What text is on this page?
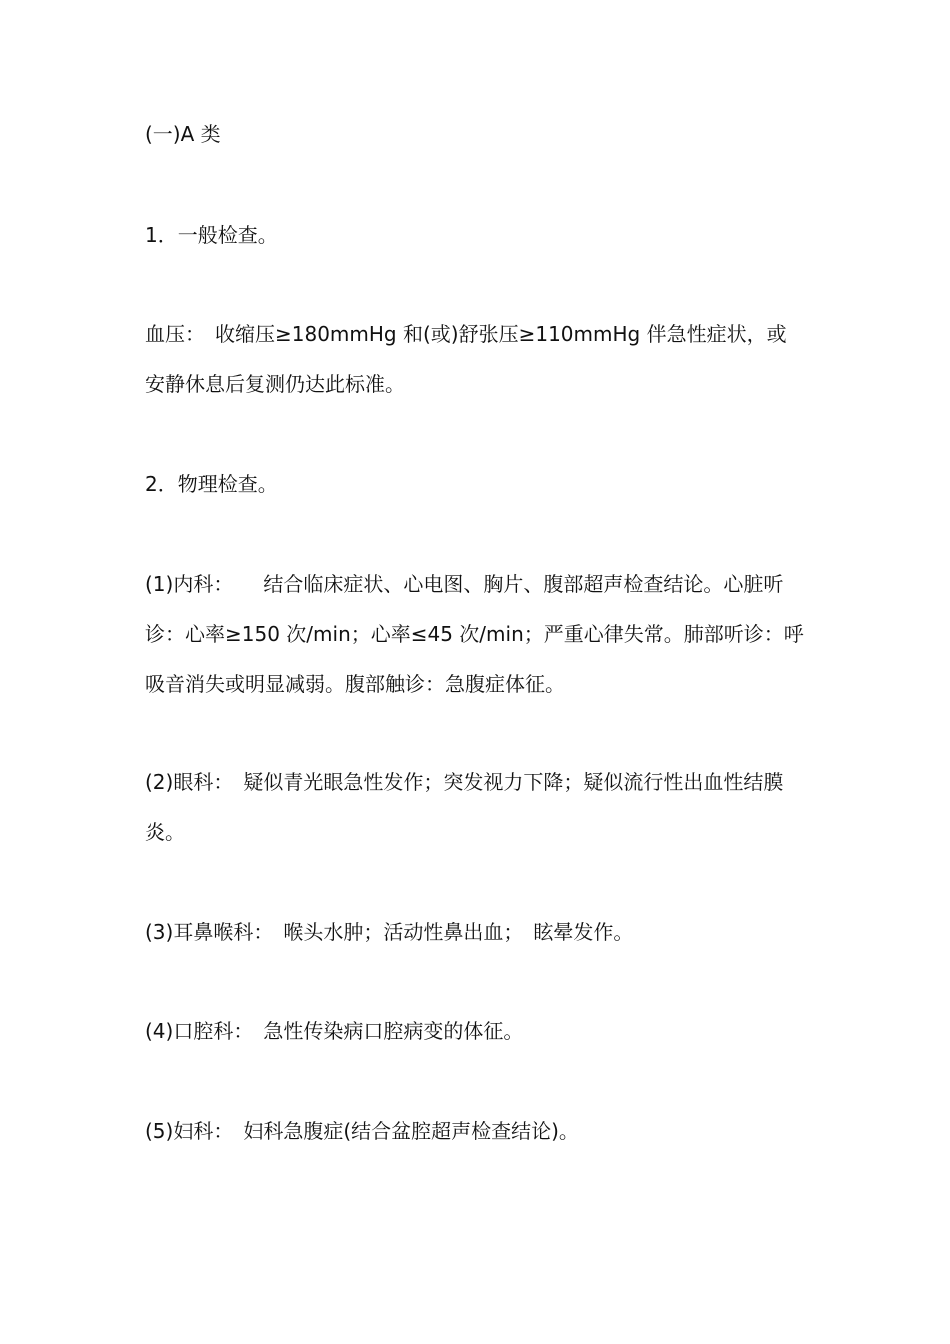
(一)A 类
1．一般检查。
血压：　收缩压≥180mmHg 和(或)舒张压≥110mmHg 伴急性症状，或
安静休息后复测仍达此标准。
2．物理检查。
(1)内科：　　结合临床症状、心电图、胸片、腹部超声检查结论。心脏听
诊：心率≥150 次/min；心率≤45 次/min；严重心律失常。肺部听诊：呼
吸音消失或明显减弱。腹部触诊：急腹症体征。
(2)眼科：　疑似青光眼急性发作；突发视力下降；疑似流行性出血性结膜
炎。
(3)耳鼻喉科：　喉头水肿；活动性鼻出血；　眩晕发作。
(4)口腔科：　急性传染病口腔病变的体征。
(5)妇科：　妇科急腹症(结合盆腔超声检查结论)。
